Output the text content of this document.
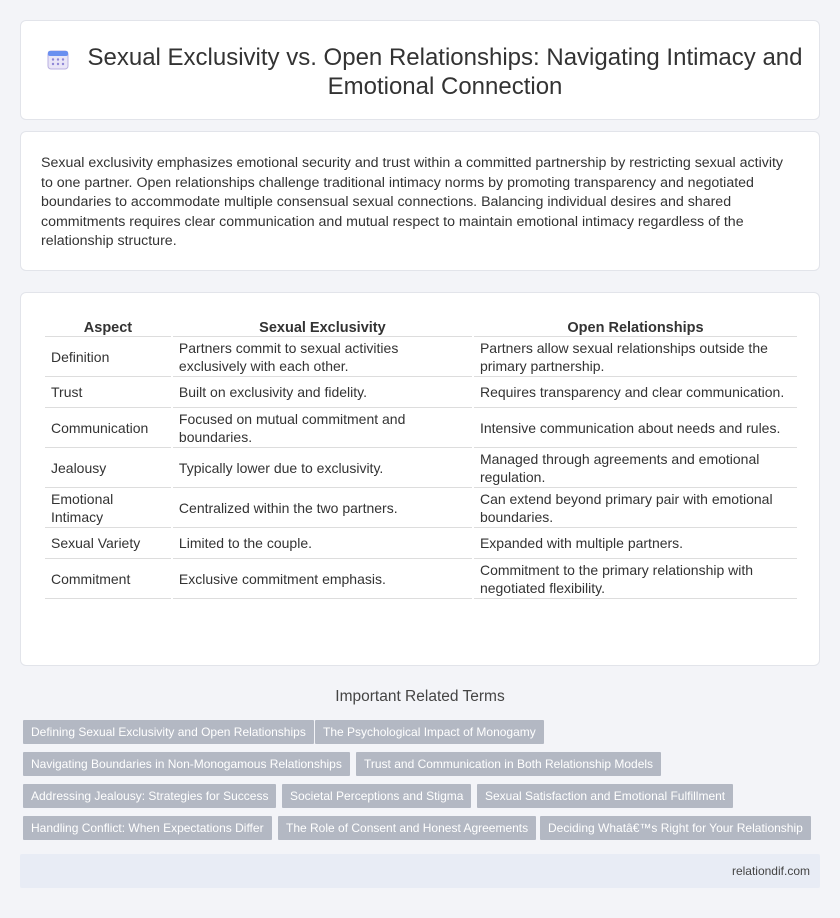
Sexual Exclusivity vs. Open Relationships: Navigating Intimacy and Emotional Connection

Sexual exclusivity emphasizes emotional security and trust within a committed partnership by restricting sexual activity to one partner. Open relationships challenge traditional intimacy norms by promoting transparency and negotiated boundaries to accommodate multiple consensual sexual connections. Balancing individual desires and shared commitments requires clear communication and mutual respect to maintain emotional intimacy regardless of the relationship structure.

Aspect	Sexual Exclusivity	Open Relationships
Definition	Partners commit to sexual activities exclusively with each other.	Partners allow sexual relationships outside the primary partnership.
Trust	Built on exclusivity and fidelity.	Requires transparency and clear communication.
Communication	Focused on mutual commitment and boundaries.	Intensive communication about needs and rules.
Jealousy	Typically lower due to exclusivity.	Managed through agreements and emotional regulation.
Emotional Intimacy	Centralized within the two partners.	Can extend beyond primary pair with emotional boundaries.
Sexual Variety	Limited to the couple.	Expanded with multiple partners.
Commitment	Exclusive commitment emphasis.	Commitment to the primary relationship with negotiated flexibility.
Important Related Terms
Defining Sexual Exclusivity and Open Relationships	The Psychological Impact of Monogamy
Navigating Boundaries in Non-Monogamous Relationships	Trust and Communication in Both Relationship Models
Addressing Jealousy: Strategies for Success	Societal Perceptions and Stigma	Sexual Satisfaction and Emotional Fulfillment
Handling Conflict: When Expectations Differ	The Role of Consent and Honest Agreements	Deciding Whatâ€™s Right for Your Relationship
relationdif.com
